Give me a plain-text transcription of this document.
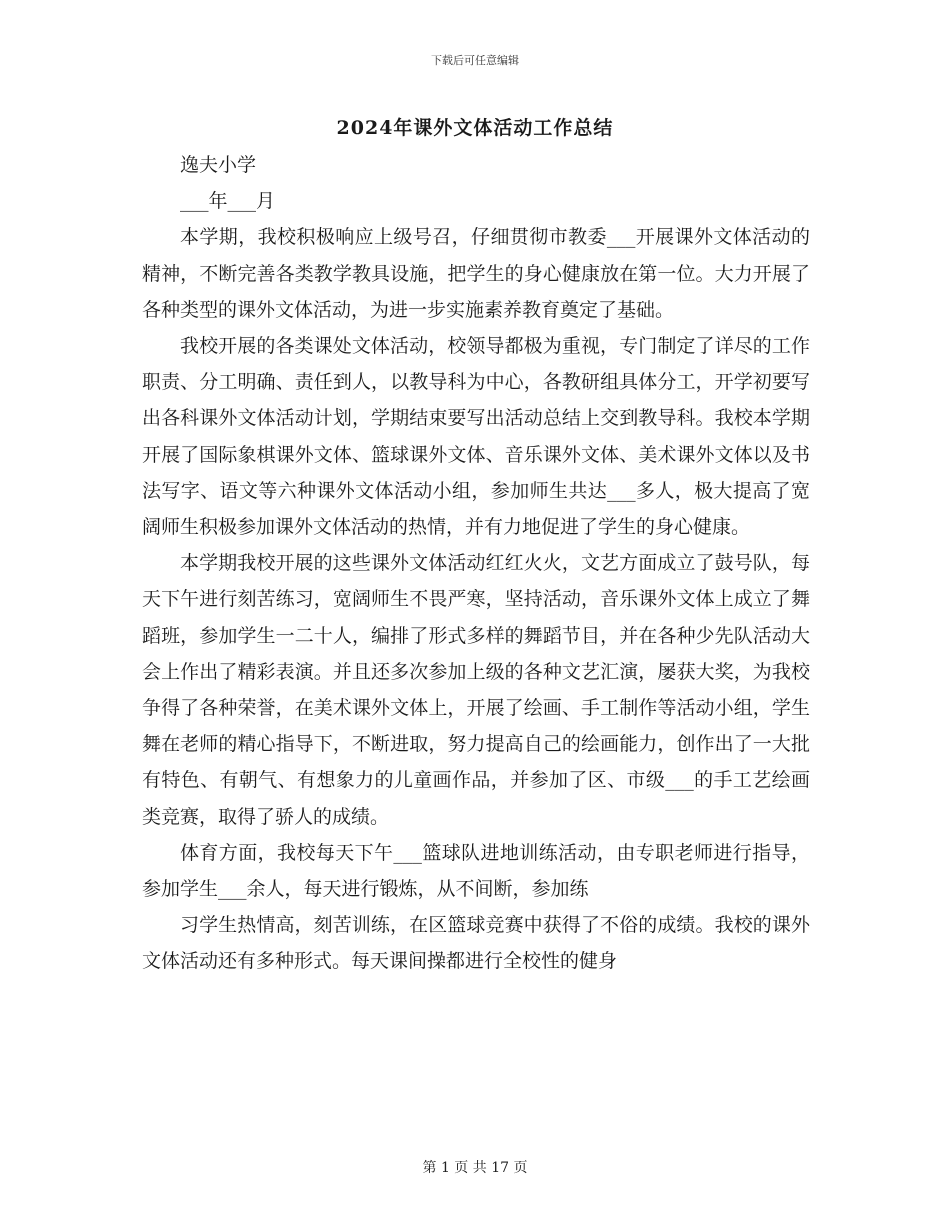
下载后可任意编辑
2024年课外文体活动工作总结

逸夫小学

___年___月

本学期，我校积极响应上级号召，仔细贯彻市教委___开展课外文体活动的精神，不断完善各类教学教具设施，把学生的身心健康放在第一位。大力开展了各种类型的课外文体活动，为进一步实施素养教育奠定了基础。

我校开展的各类课处文体活动，校领导都极为重视，专门制定了详尽的工作职责、分工明确、责任到人，以教导科为中心，各教研组具体分工，开学初要写出各科课外文体活动计划，学期结束要写出活动总结上交到教导科。我校本学期开展了国际象棋课外文体、篮球课外文体、音乐课外文体、美术课外文体以及书法写字、语文等六种课外文体活动小组，参加师生共达___多人，极大提高了宽阔师生积极参加课外文体活动的热情，并有力地促进了学生的身心健康。

本学期我校开展的这些课外文体活动红红火火，文艺方面成立了鼓号队，每天下午进行刻苦练习，宽阔师生不畏严寒，坚持活动，音乐课外文体上成立了舞蹈班，参加学生一二十人，编排了形式多样的舞蹈节目，并在各种少先队活动大会上作出了精彩表演。并且还多次参加上级的各种文艺汇演，屡获大奖，为我校争得了各种荣誉，在美术课外文体上，开展了绘画、手工制作等活动小组，学生舞在老师的精心指导下，不断进取，努力提高自己的绘画能力，创作出了一大批有特色、有朝气、有想象力的儿童画作品，并参加了区、市级___的手工艺绘画类竞赛，取得了骄人的成绩。

体育方面，我校每天下午___篮球队进地训练活动，由专职老师进行指导，参加学生___余人，每天进行锻炼，从不间断，参加练

习学生热情高，刻苦训练，在区篮球竞赛中获得了不俗的成绩。我校的课外文体活动还有多种形式。每天课间操都进行全校性的健身

第 1 页 共 17 页
